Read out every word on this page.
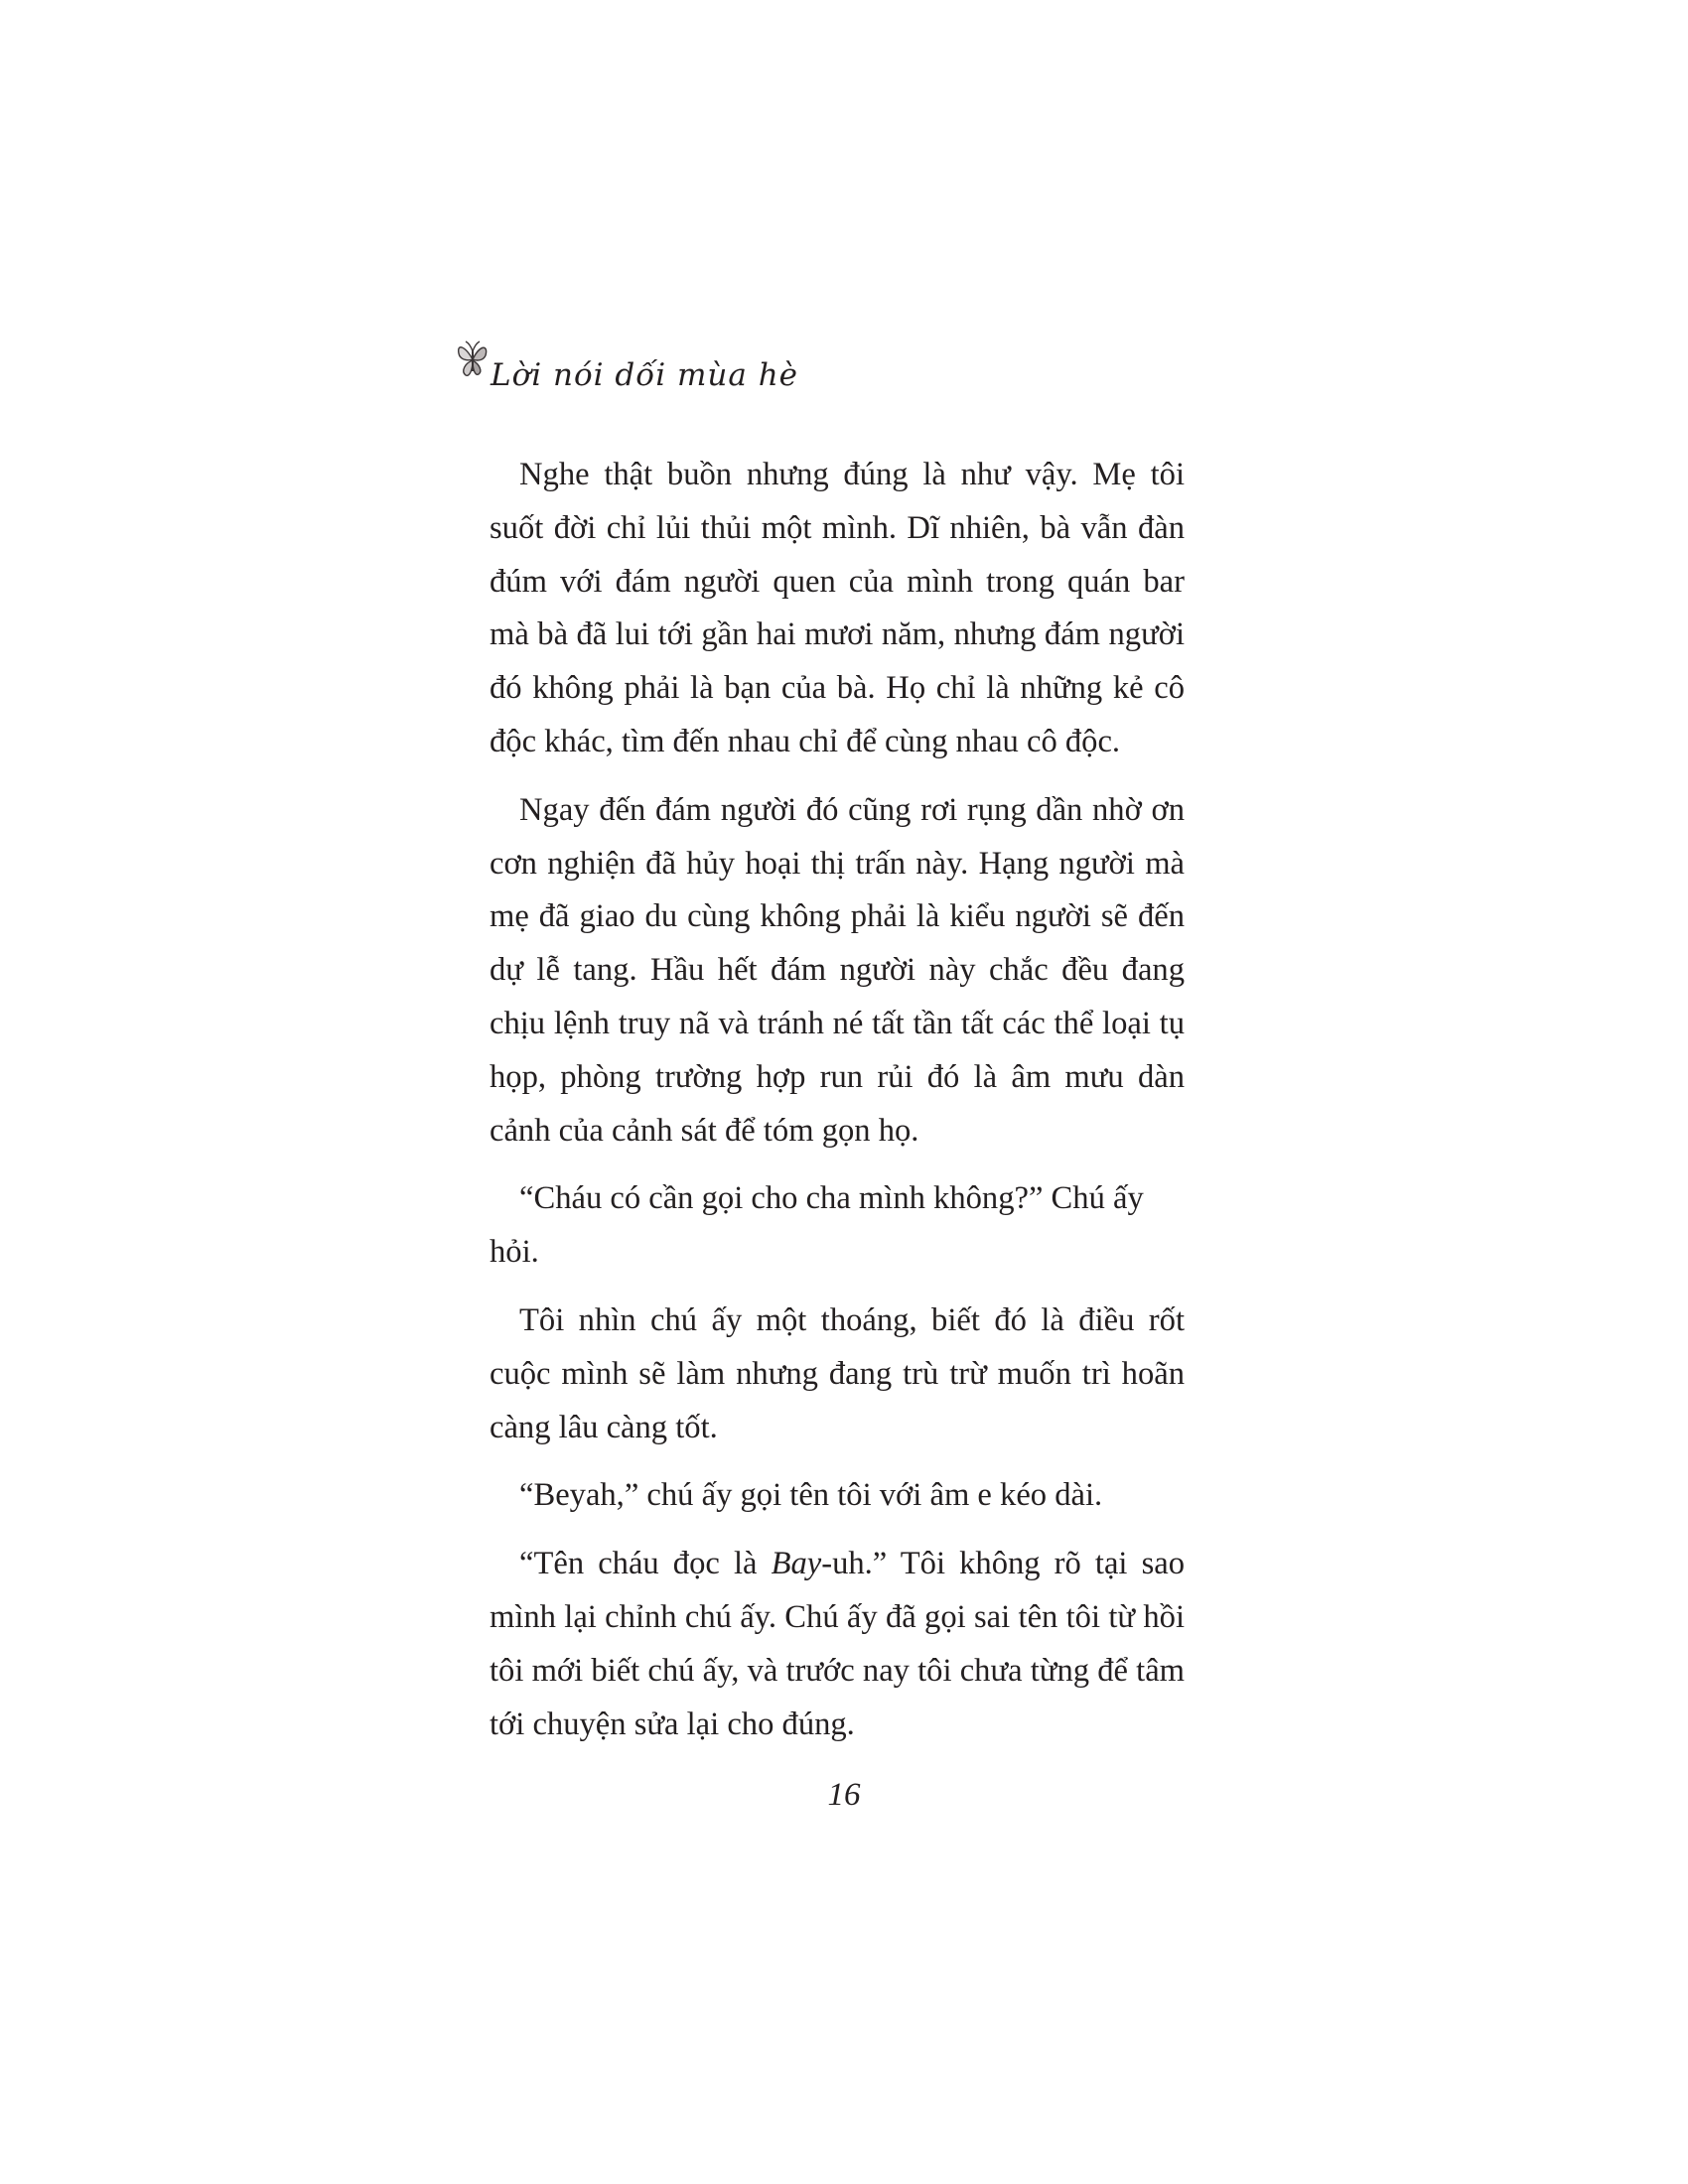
Lời nói dối mùa hè

Nghe thật buồn nhưng đúng là như vậy. Mẹ tôi suốt đời chỉ lủi thủi một mình. Dĩ nhiên, bà vẫn đàn đúm với đám người quen của mình trong quán bar mà bà đã lui tới gần hai mươi năm, nhưng đám người đó không phải là bạn của bà. Họ chỉ là những kẻ cô độc khác, tìm đến nhau chỉ để cùng nhau cô độc.

Ngay đến đám người đó cũng rơi rụng dần nhờ ơn cơn nghiện đã hủy hoại thị trấn này. Hạng người mà mẹ đã giao du cùng không phải là kiểu người sẽ đến dự lễ tang. Hầu hết đám người này chắc đều đang chịu lệnh truy nã và tránh né tất tần tất các thể loại tụ họp, phòng trường hợp run rủi đó là âm mưu dàn cảnh của cảnh sát để tóm gọn họ.

“Cháu có cần gọi cho cha mình không?” Chú ấy hỏi.

Tôi nhìn chú ấy một thoáng, biết đó là điều rốt cuộc mình sẽ làm nhưng đang trù trừ muốn trì hoãn càng lâu càng tốt.

“Beyah,” chú ấy gọi tên tôi với âm e kéo dài.

“Tên cháu đọc là Bay-uh.” Tôi không rõ tại sao mình lại chỉnh chú ấy. Chú ấy đã gọi sai tên tôi từ hồi tôi mới biết chú ấy, và trước nay tôi chưa từng để tâm tới chuyện sửa lại cho đúng.

16
